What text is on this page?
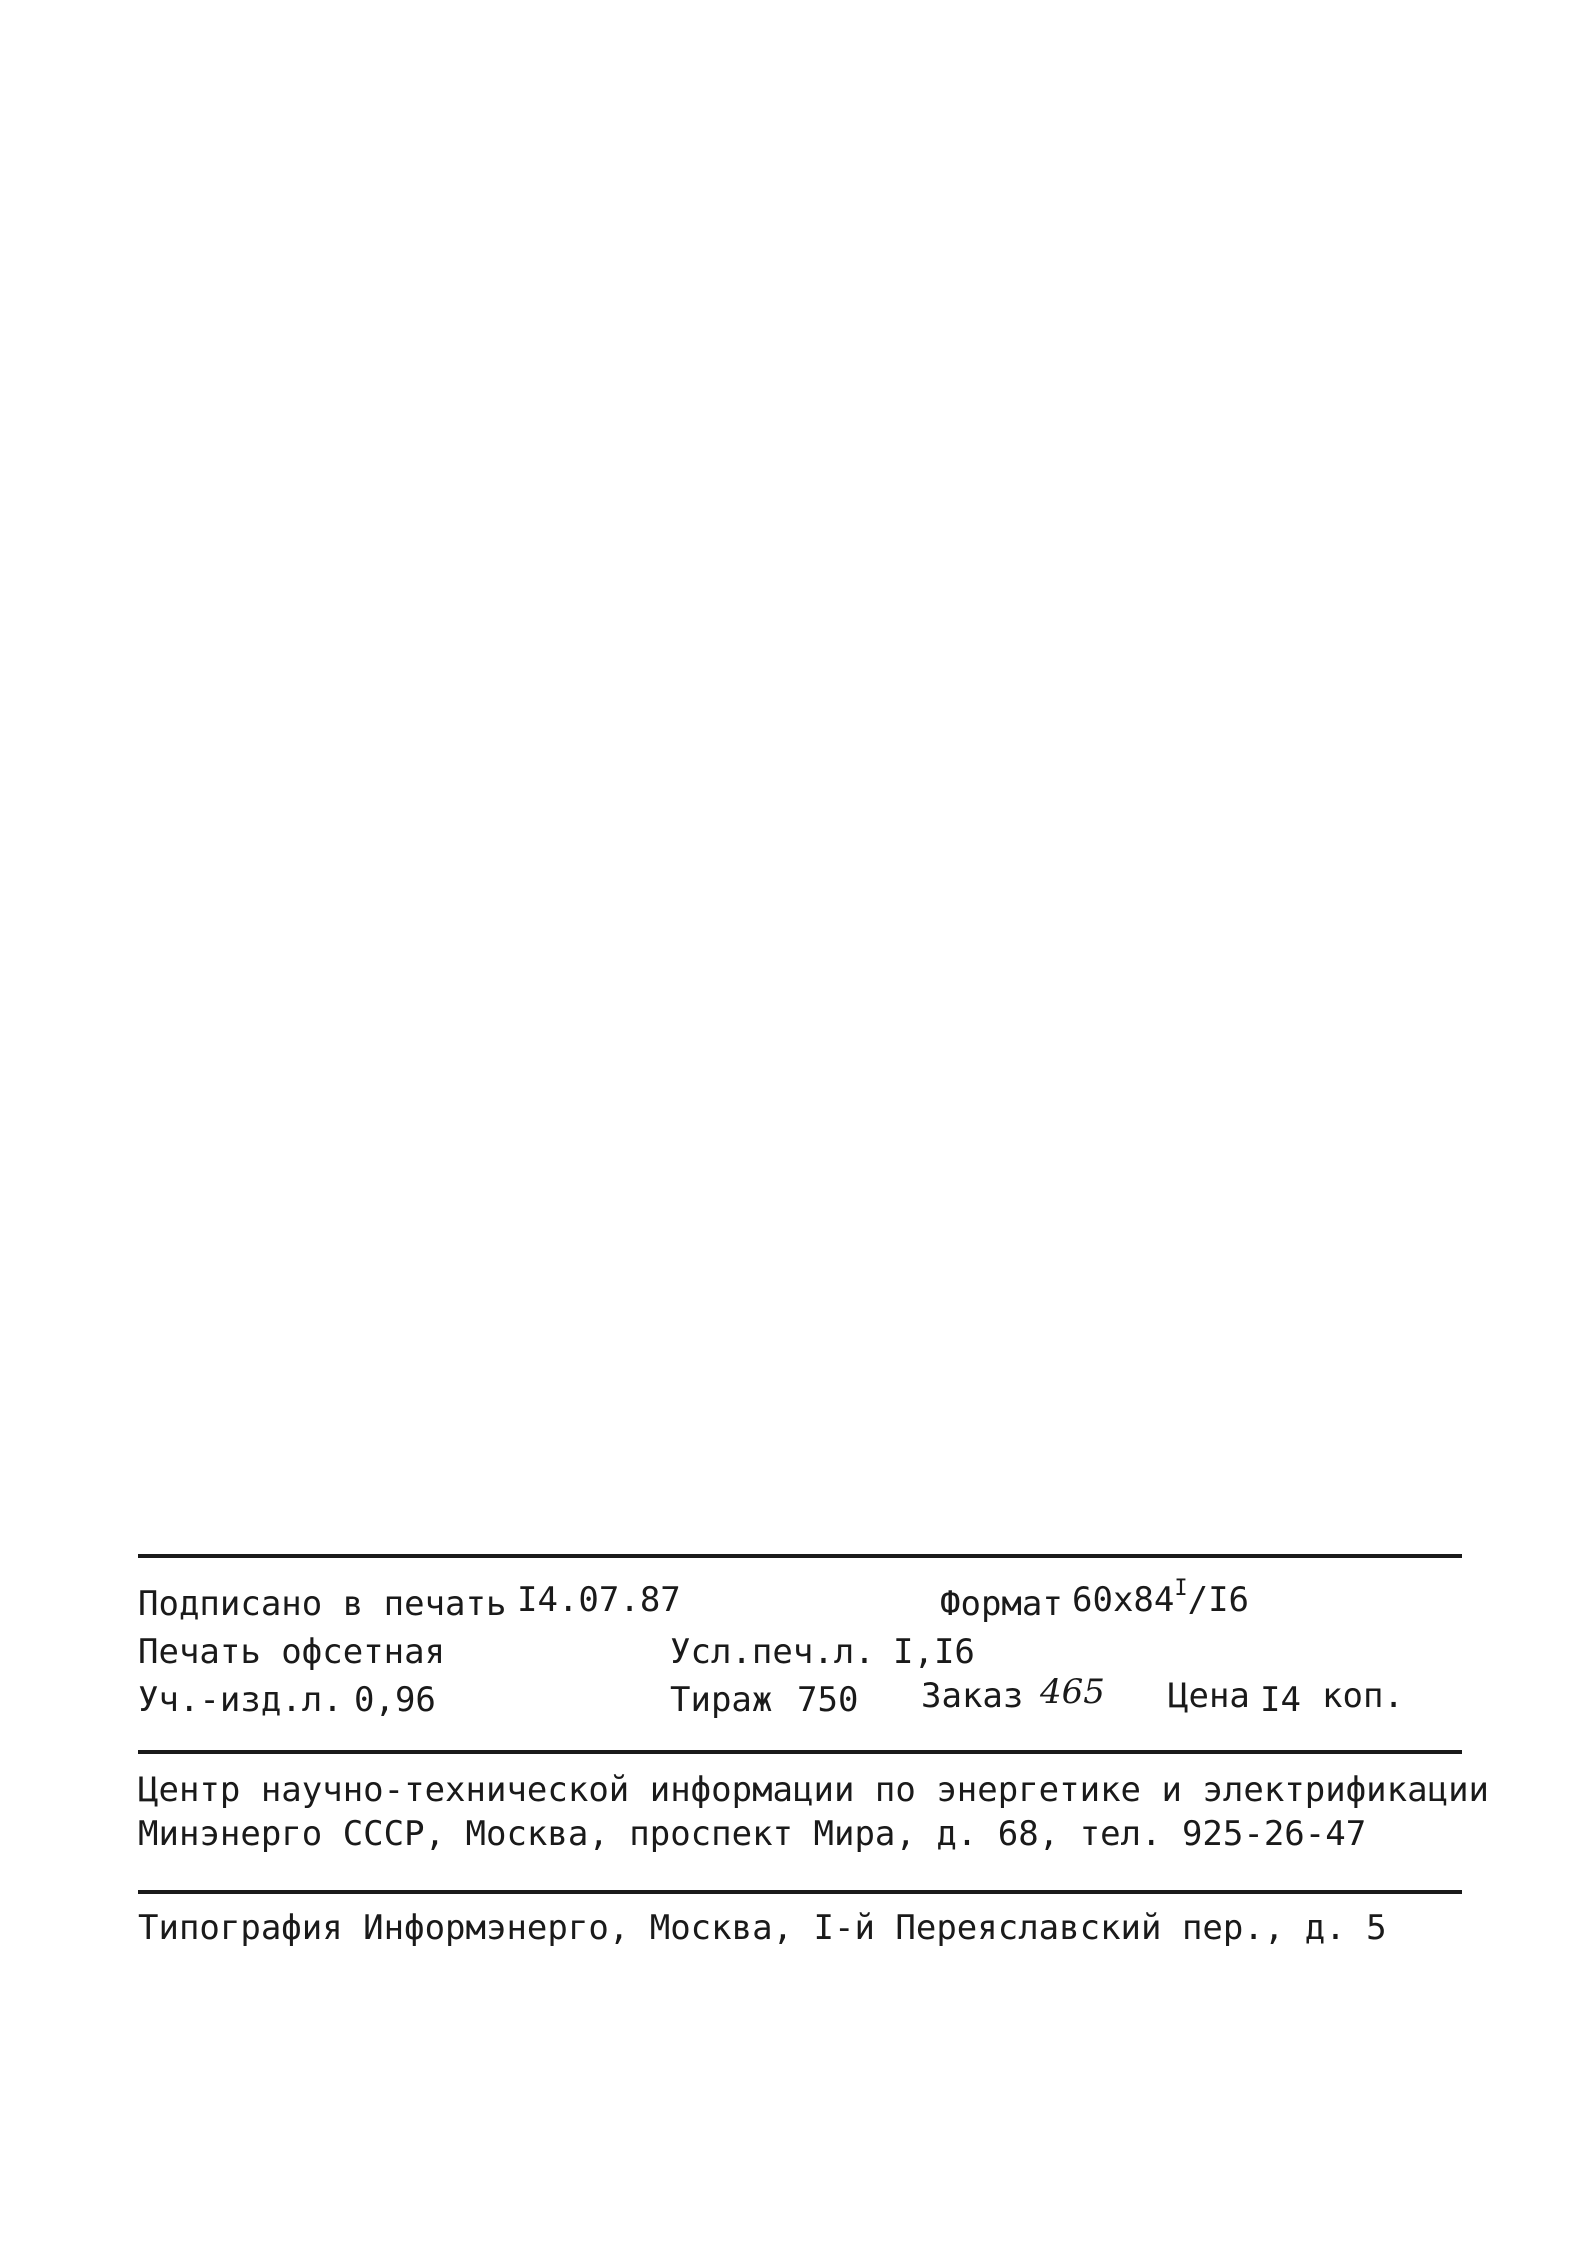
Подписано в печать I4.07.87	Формат $60x84^I/I6$
Печать офсетная	Усл.печ.л. I,I6
Уч.-изд.л. 0,96	Тираж 750 Заказ 465 Цена I4 коп.
Центр научно-технической информации по энергетике и электрификации
Минэнерго СССР, Москва, проспект Мира, д. 68, тел. 925-26-47
Типография Информэнерго, Москва, I-й Переяславский пер., д. 5
